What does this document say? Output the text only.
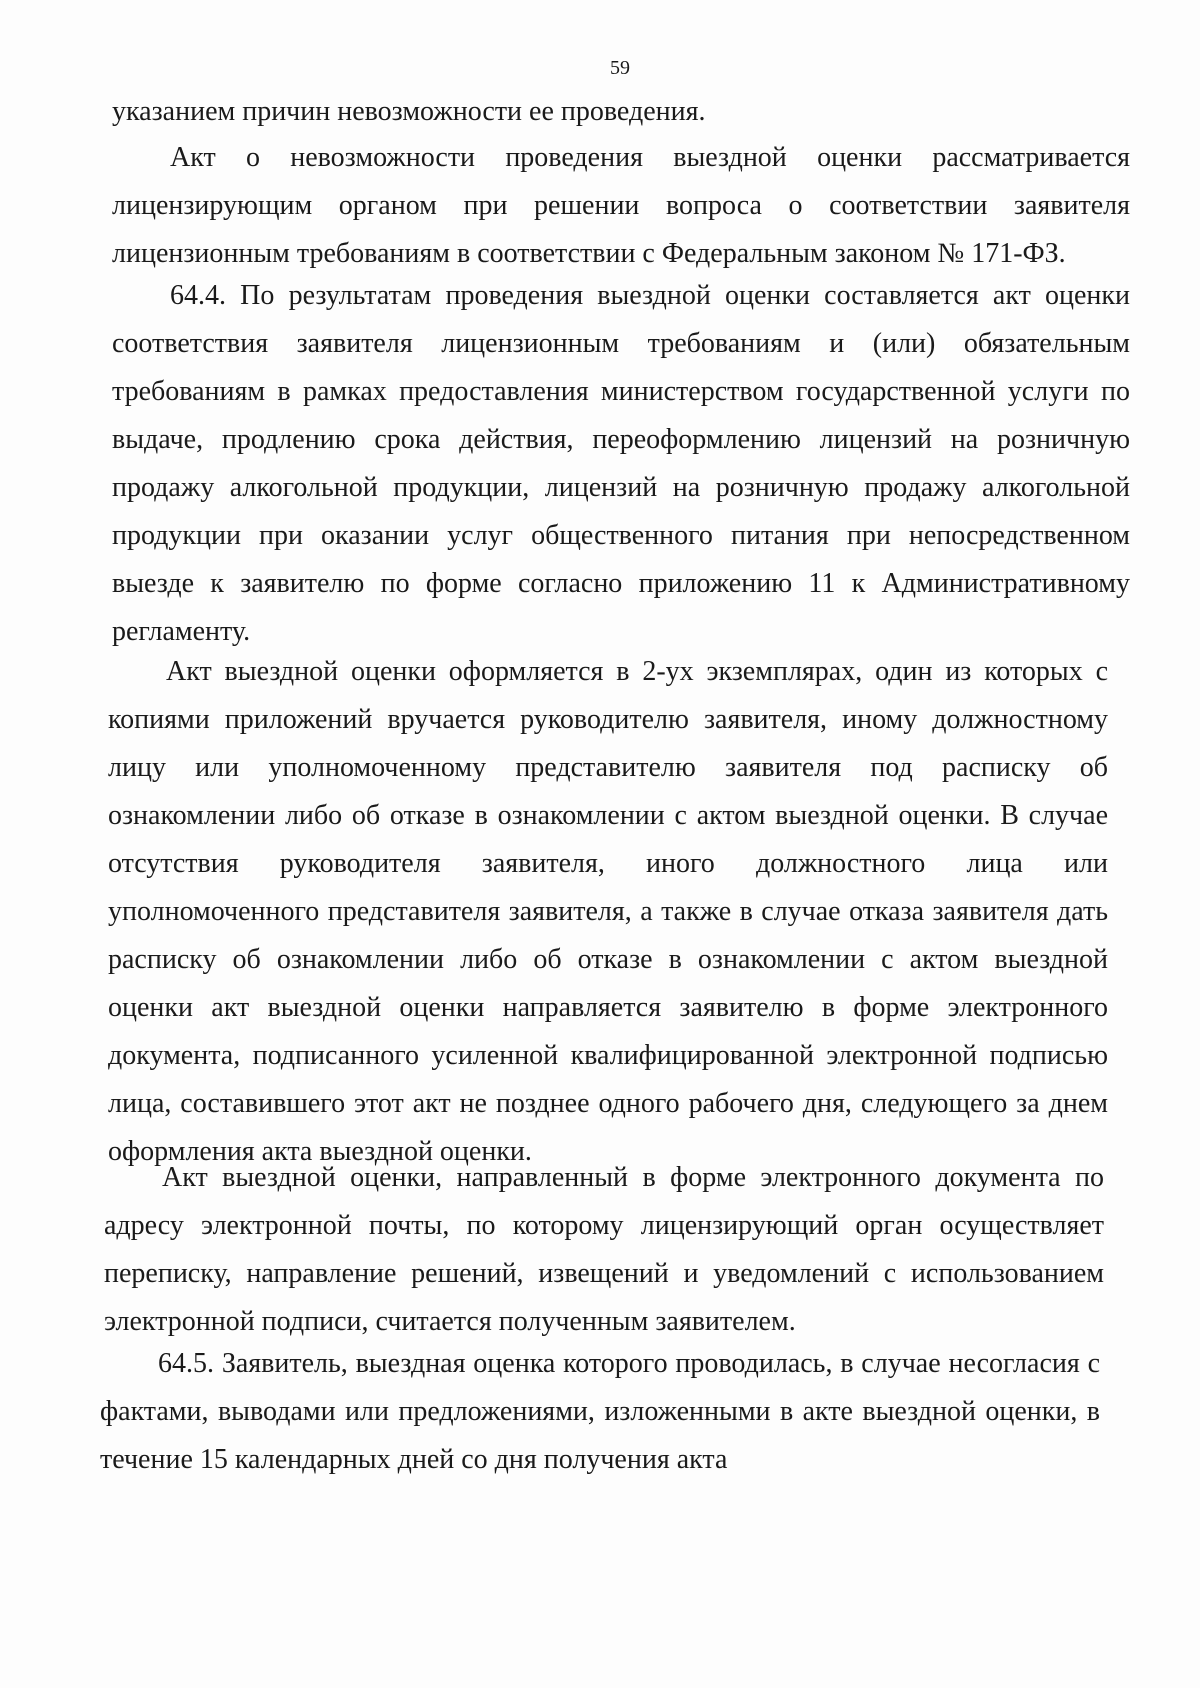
59

указанием причин невозможности ее проведения.

Акт о невозможности проведения выездной оценки рассматривается лицензирующим органом при решении вопроса о соответствии заявителя лицензионным требованиям в соответствии с Федеральным законом № 171-ФЗ.

64.4. По результатам проведения выездной оценки составляется акт оценки соответствия заявителя лицензионным требованиям и (или) обязательным требованиям в рамках предоставления министерством государственной услуги по выдаче, продлению срока действия, переоформлению лицензий на розничную продажу алкогольной продукции, лицензий на розничную продажу алкогольной продукции при оказании услуг общественного питания при непосредственном выезде к заявителю по форме согласно приложению 11 к Административному регламенту.

Акт выездной оценки оформляется в 2-ух экземплярах, один из которых с копиями приложений вручается руководителю заявителя, иному должностному лицу или уполномоченному представителю заявителя под расписку об ознакомлении либо об отказе в ознакомлении с актом выездной оценки. В случае отсутствия руководителя заявителя, иного должностного лица или уполномоченного представителя заявителя, а также в случае отказа заявителя дать расписку об ознакомлении либо об отказе в ознакомлении с актом выездной оценки акт выездной оценки направляется заявителю в форме электронного документа, подписанного усиленной квалифицированной электронной подписью лица, составившего этот акт не позднее одного рабочего дня, следующего за днем оформления акта выездной оценки.

Акт выездной оценки, направленный в форме электронного документа по адресу электронной почты, по которому лицензирующий орган осуществляет переписку, направление решений, извещений и уведомлений с использованием электронной подписи, считается полученным заявителем.

64.5. Заявитель, выездная оценка которого проводилась, в случае несогласия с фактами, выводами или предложениями, изложенными в акте выездной оценки, в течение 15 календарных дней со дня получения акта
